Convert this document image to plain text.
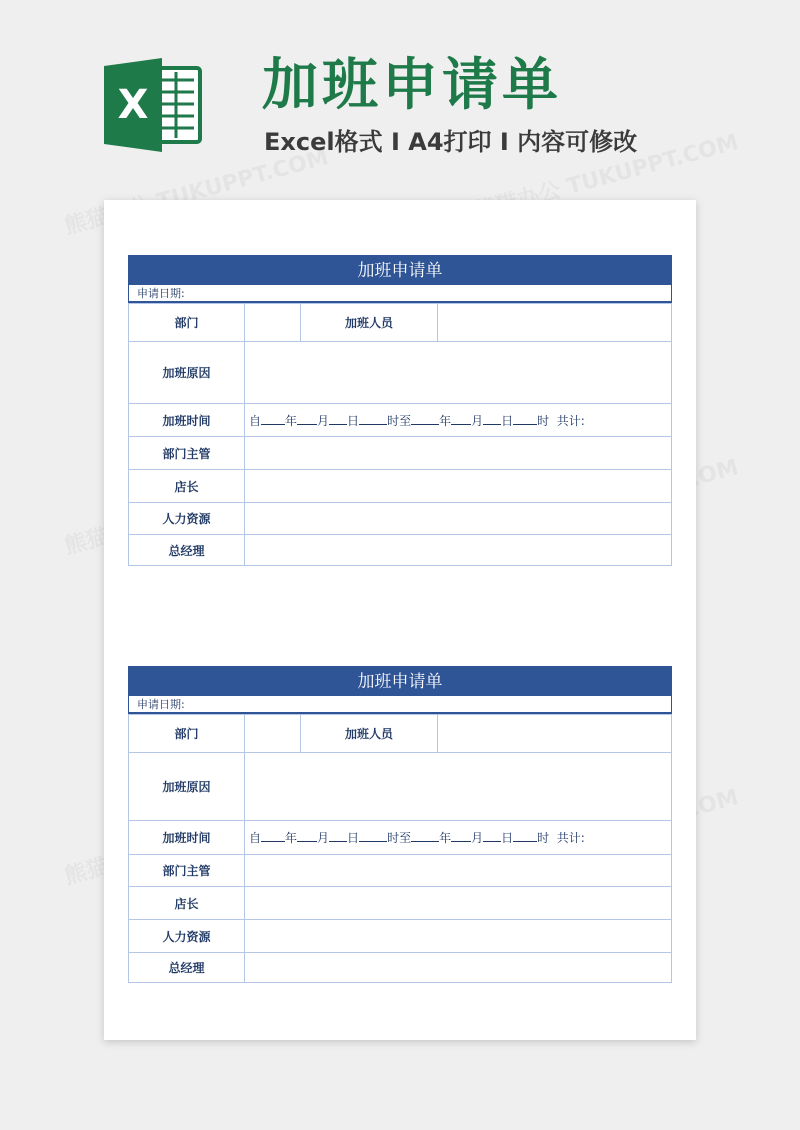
X 加班申请单

Excel格式 I A4打印 I 内容可修改

加班申请单
申请日期:
部门		加班人员	
加班原因			
加班时间	自 年 月 日 时至 年 月 日 时 共计:		
部门主管			
店长			
人力资源			
总经理			
加班申请单
申请日期:
部门		加班人员	
加班原因			
加班时间	自 年 月 日 时至 年 月 日 时 共计:		
部门主管			
店长			
人力资源			
总经理			
